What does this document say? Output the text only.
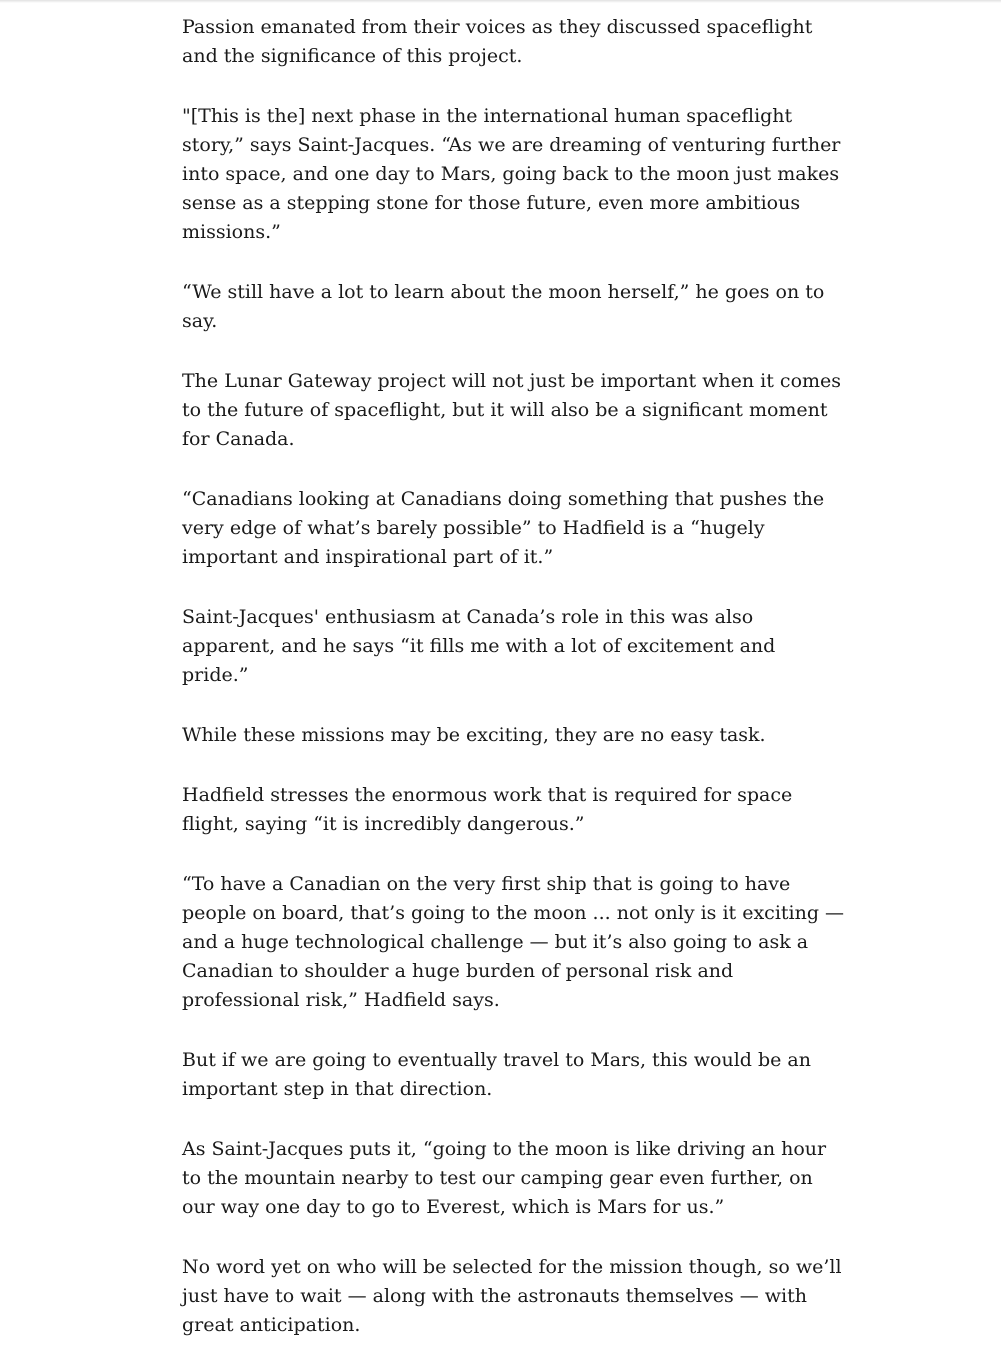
Passion emanated from their voices as they discussed spaceflight and the significance of this project.

"[This is the] next phase in the international human spaceflight story,” says Saint-Jacques. “As we are dreaming of venturing further into space, and one day to Mars, going back to the moon just makes sense as a stepping stone for those future, even more ambitious missions.”

“We still have a lot to learn about the moon herself,” he goes on to say.

The Lunar Gateway project will not just be important when it comes to the future of spaceflight, but it will also be a significant moment for Canada.

“Canadians looking at Canadians doing something that pushes the very edge of what’s barely possible” to Hadfield is a “hugely important and inspirational part of it.”

Saint-Jacques' enthusiasm at Canada’s role in this was also apparent, and he says “it fills me with a lot of excitement and pride.”

While these missions may be exciting, they are no easy task.

Hadfield stresses the enormous work that is required for space flight, saying “it is incredibly dangerous.”

“To have a Canadian on the very first ship that is going to have people on board, that’s going to the moon ... not only is it exciting — and a huge technological challenge — but it’s also going to ask a Canadian to shoulder a huge burden of personal risk and professional risk,” Hadfield says.

But if we are going to eventually travel to Mars, this would be an important step in that direction.

As Saint-Jacques puts it, “going to the moon is like driving an hour to the mountain nearby to test our camping gear even further, on our way one day to go to Everest, which is Mars for us.”

No word yet on who will be selected for the mission though, so we’ll just have to wait — along with the astronauts themselves — with great anticipation.
